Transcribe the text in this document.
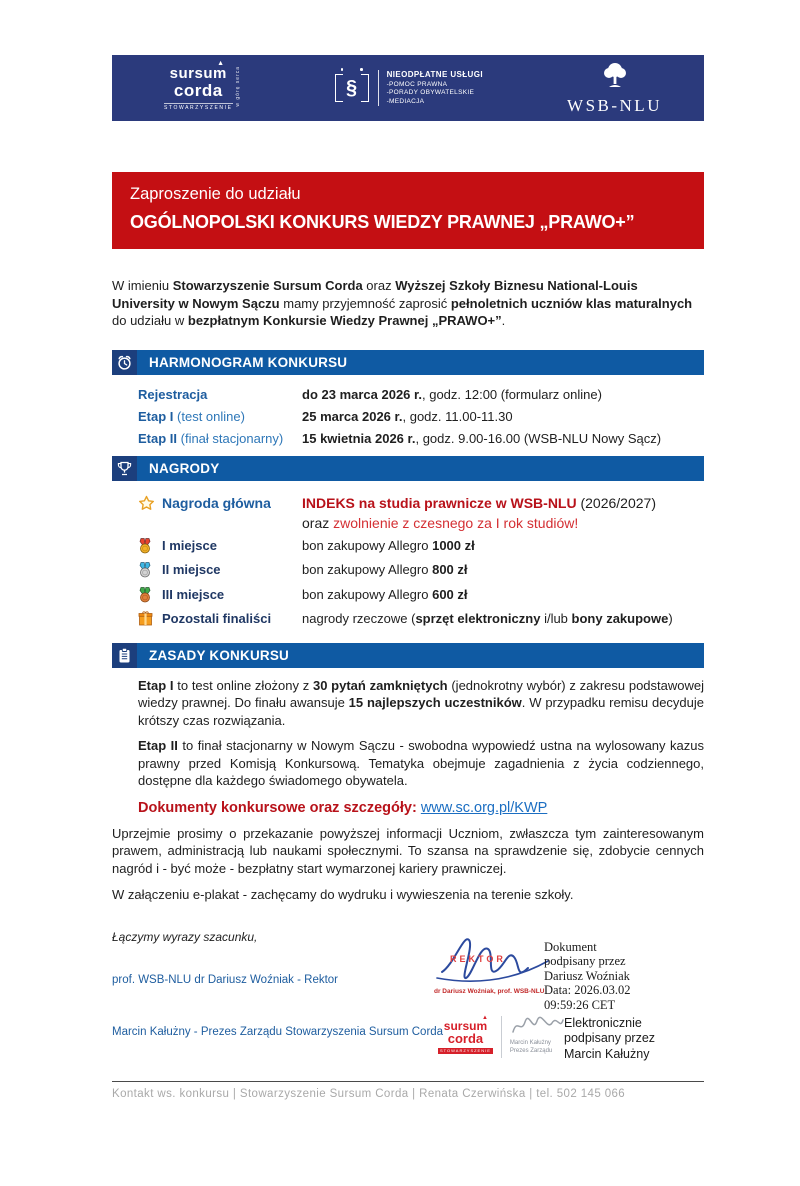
sursum
▲
corda
STOWARZYSZENIE
w górę serca	§
NIEODPŁATNE USŁUGI
-POMOC PRAWNA
-PORADY OBYWATELSKIE
-MEDIACJA	WSB-NLU
Zaproszenie do udziału
OGÓLNOPOLSKI KONKURS WIEDZY PRAWNEJ „PRAWO+”

W imieniu Stowarzyszenie Sursum Corda oraz Wyższej Szkoły Biznesu National-Louis University w Nowym Sączu mamy przyjemność zaprosić pełnoletnich uczniów klas maturalnych do udziału w bezpłatnym Konkursie Wiedzy Prawnej „PRAWO+”.

HARMONOGRAM KONKURSU
Rejestracja	do 23 marca 2026 r., godz. 12:00 (formularz online)
Etap I (test online)	25 marca 2026 r., godz. 11.00-11.30
Etap II (finał stacjonarny)	15 kwietnia 2026 r., godz. 9.00-16.00 (WSB-NLU Nowy Sącz)
NAGRODY
Nagroda główna	INDEKS na studia prawnicze w WSB-NLU (2026/2027)
oraz zwolnienie z czesnego za I rok studiów!
I miejsce	bon zakupowy Allegro 1000 zł
II miejsce	bon zakupowy Allegro 800 zł
III miejsce	bon zakupowy Allegro 600 zł
Pozostali finaliści	nagrody rzeczowe (sprzęt elektroniczny i/lub bony zakupowe)
ZASADY KONKURSU

Etap I to test online złożony z 30 pytań zamkniętych (jednokrotny wybór) z zakresu podstawowej wiedzy prawnej. Do finału awansuje 15 najlepszych uczestników. W przypadku remisu decyduje krótszy czas rozwiązania.

Etap II to finał stacjonarny w Nowym Sączu - swobodna wypowiedź ustna na wylosowany kazus prawny przed Komisją Konkursową. Tematyka obejmuje zagadnienia z życia codziennego, dostępne dla każdego świadomego obywatela.

Dokumenty konkursowe oraz szczegóły: www.sc.org.pl/KWP

Uprzejmie prosimy o przekazanie powyższej informacji Uczniom, zwłaszcza tym zainteresowanym prawem, administracją lub naukami społecznymi. To szansa na sprawdzenie się, zdobycie cennych nagród i - być może - bezpłatny start wymarzonej kariery prawniczej.

W załączeniu e-plakat - zachęcamy do wydruku i wywieszenia na terenie szkoły.

Łączymy wyrazy szacunku,
prof. WSB-NLU dr Dariusz Woźniak - Rektor
Marcin Kałużny - Prezes Zarządu Stowarzyszenia Sursum Corda
REKTOR
dr Dariusz Woźniak, prof. WSB-NLU
Dokument
podpisany przez
Dariusz Woźniak
Data: 2026.03.02
09:59:26 CET
sursum
▲
corda
STOWARZYSZENIE
Marcin Kałużny
Prezes Zarządu
Elektronicznie
podpisany przez
Marcin Kałużny
Kontakt ws. konkursu | Stowarzyszenie Sursum Corda | Renata Czerwińska | tel. 502 145 066
